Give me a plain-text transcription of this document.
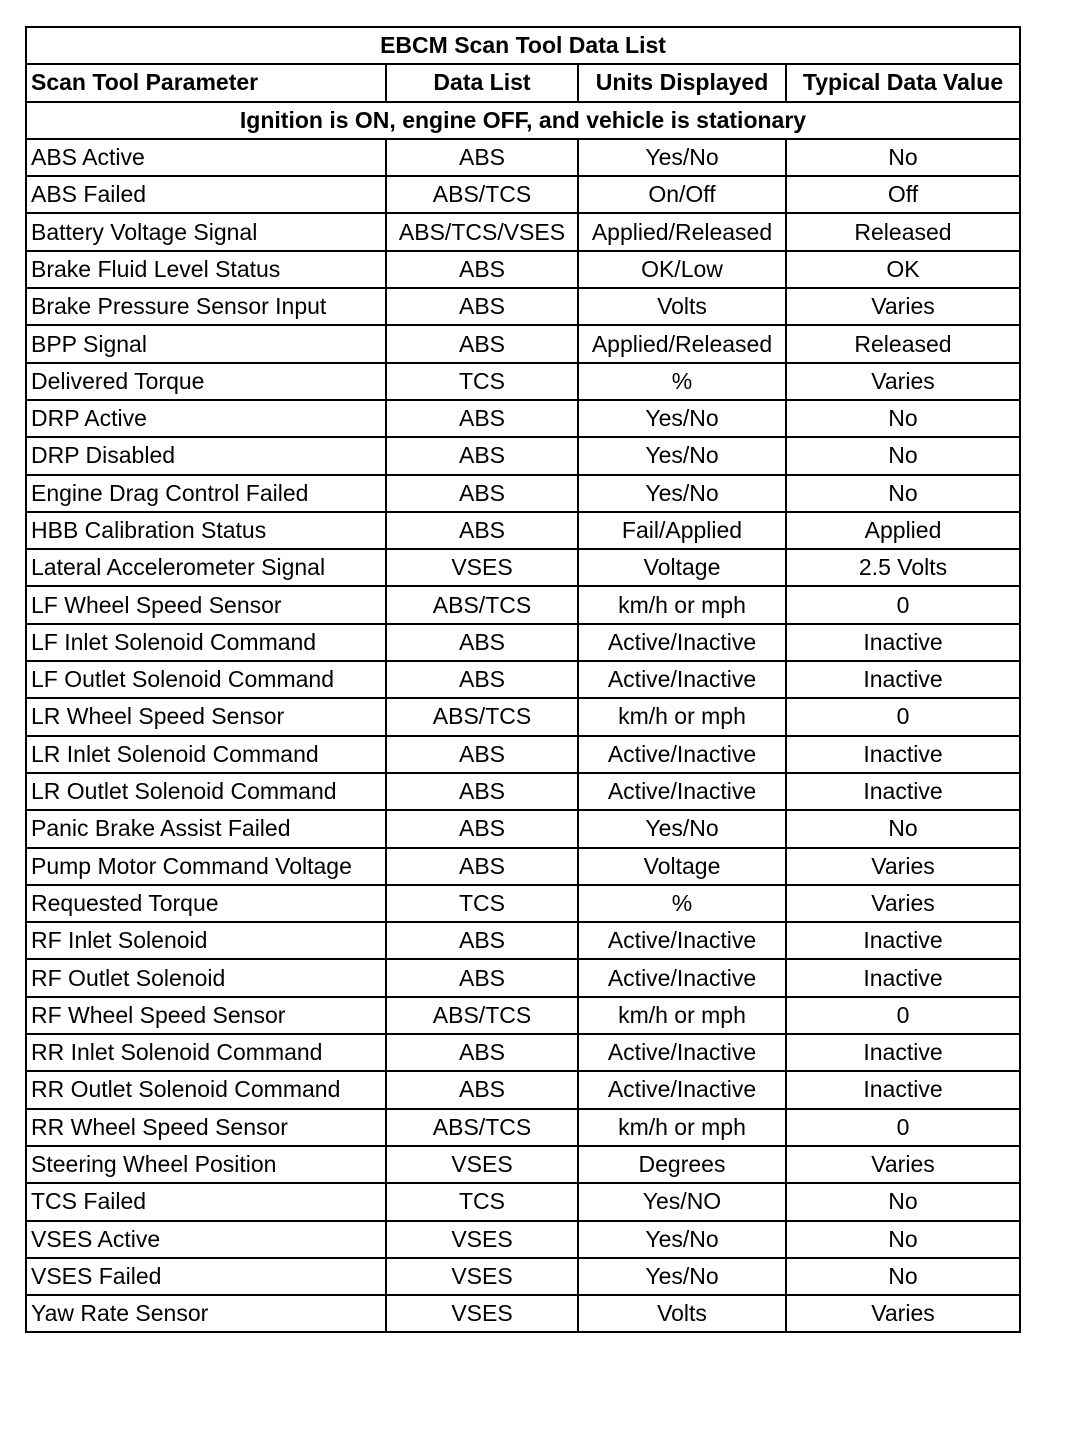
EBCM Scan Tool Data List			
Scan Tool Parameter	Data List	Units Displayed	Typical Data Value
Ignition is ON, engine OFF, and vehicle is stationary			
ABS Active	ABS	Yes/No	No
ABS Failed	ABS/TCS	On/Off	Off
Battery Voltage Signal	ABS/TCS/VSES	Applied/Released	Released
Brake Fluid Level Status	ABS	OK/Low	OK
Brake Pressure Sensor Input	ABS	Volts	Varies
BPP Signal	ABS	Applied/Released	Released
Delivered Torque	TCS	%	Varies
DRP Active	ABS	Yes/No	No
DRP Disabled	ABS	Yes/No	No
Engine Drag Control Failed	ABS	Yes/No	No
HBB Calibration Status	ABS	Fail/Applied	Applied
Lateral Accelerometer Signal	VSES	Voltage	2.5 Volts
LF Wheel Speed Sensor	ABS/TCS	km/h or mph	0
LF Inlet Solenoid Command	ABS	Active/Inactive	Inactive
LF Outlet Solenoid Command	ABS	Active/Inactive	Inactive
LR Wheel Speed Sensor	ABS/TCS	km/h or mph	0
LR Inlet Solenoid Command	ABS	Active/Inactive	Inactive
LR Outlet Solenoid Command	ABS	Active/Inactive	Inactive
Panic Brake Assist Failed	ABS	Yes/No	No
Pump Motor Command Voltage	ABS	Voltage	Varies
Requested Torque	TCS	%	Varies
RF Inlet Solenoid	ABS	Active/Inactive	Inactive
RF Outlet Solenoid	ABS	Active/Inactive	Inactive
RF Wheel Speed Sensor	ABS/TCS	km/h or mph	0
RR Inlet Solenoid Command	ABS	Active/Inactive	Inactive
RR Outlet Solenoid Command	ABS	Active/Inactive	Inactive
RR Wheel Speed Sensor	ABS/TCS	km/h or mph	0
Steering Wheel Position	VSES	Degrees	Varies
TCS Failed	TCS	Yes/NO	No
VSES Active	VSES	Yes/No	No
VSES Failed	VSES	Yes/No	No
Yaw Rate Sensor	VSES	Volts	Varies
